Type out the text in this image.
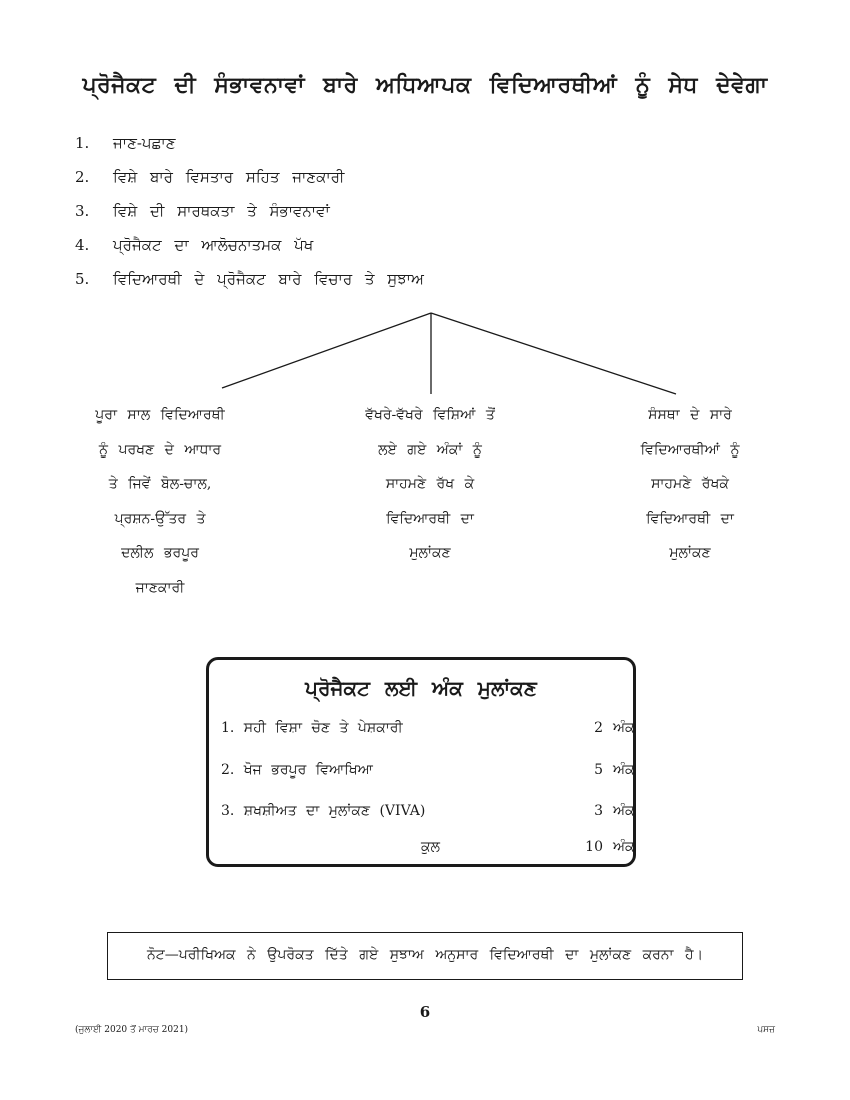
ਪ੍ਰੋਜੈਕਟ ਦੀ ਸੰਭਾਵਨਾਵਾਂ ਬਾਰੇ ਅਧਿਆਪਕ ਵਿਦਿਆਰਥੀਆਂ ਨੂੰ ਸੇਧ ਦੇਵੇਗਾ
1.	ਜਾਣ-ਪਛਾਣ
2.	ਵਿਸ਼ੇ ਬਾਰੇ ਵਿਸਤਾਰ ਸਹਿਤ ਜਾਣਕਾਰੀ
3.	ਵਿਸ਼ੇ ਦੀ ਸਾਰਥਕਤਾ ਤੇ ਸੰਭਾਵਨਾਵਾਂ
4.	ਪ੍ਰੋਜੈਕਟ ਦਾ ਆਲੋਚਨਾਤਮਕ ਪੱਖ
5.	ਵਿਦਿਆਰਥੀ ਦੇ ਪ੍ਰੋਜੈਕਟ ਬਾਰੇ ਵਿਚਾਰ ਤੇ ਸੁਝਾਅ

ਪੂਰਾ ਸਾਲ ਵਿਦਿਆਰਥੀ

ਨੂੰ ਪਰਖਣ ਦੇ ਆਧਾਰ

ਤੇ ਜਿਵੇਂ ਬੋਲ-ਚਾਲ,

ਪ੍ਰਸ਼ਨ-ਉੱਤਰ ਤੇ

ਦਲੀਲ ਭਰਪੂਰ

ਜਾਣਕਾਰੀ

ਵੱਖਰੇ-ਵੱਖਰੇ ਵਿਸ਼ਿਆਂ ਤੋਂ

ਲਏ ਗਏ ਅੰਕਾਂ ਨੂੰ

ਸਾਹਮਣੇ ਰੱਖ ਕੇ

ਵਿਦਿਆਰਥੀ ਦਾ

ਮੁਲਾਂਕਣ

ਸੰਸਥਾ ਦੇ ਸਾਰੇ

ਵਿਦਿਆਰਥੀਆਂ ਨੂੰ

ਸਾਹਮਣੇ ਰੱਖਕੇ

ਵਿਦਿਆਰਥੀ ਦਾ

ਮੁਲਾਂਕਣ

ਪ੍ਰੋਜੈਕਟ ਲਈ ਅੰਕ ਮੁਲਾਂਕਣ
1. ਸਹੀ ਵਿਸ਼ਾ ਚੋਣ ਤੇ ਪੇਸ਼ਕਾਰੀ	2 ਅੰਕ
2. ਖੋਜ ਭਰਪੂਰ ਵਿਆਖਿਆ	5 ਅੰਕ
3. ਸ਼ਖਸ਼ੀਅਤ ਦਾ ਮੁਲਾਂਕਣ (VIVA)	3 ਅੰਕ
ਕੁਲ	10 ਅੰਕ
ਨੋਟ—ਪਰੀਖਿਅਕ ਨੇ ਉਪਰੋਕਤ ਦਿੱਤੇ ਗਏ ਸੁਝਾਅ ਅਨੁਸਾਰ ਵਿਦਿਆਰਥੀ ਦਾ ਮੁਲਾਂਕਣ ਕਰਨਾ ਹੈ।
6
(ਜੁਲਾਈ 2020 ਤੋਂ ਮਾਰਚ 2021)	ਪਸਜ਼
